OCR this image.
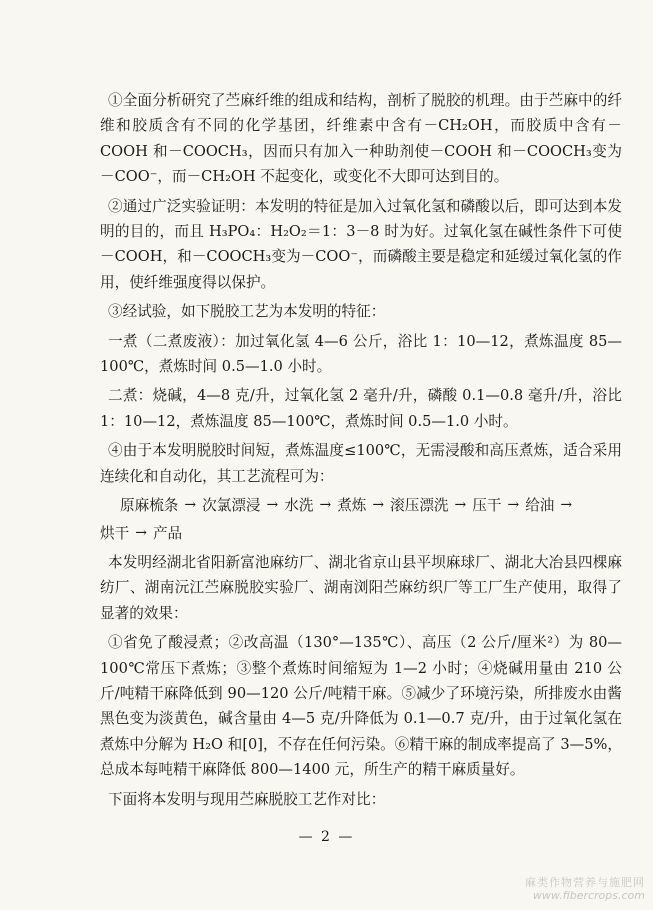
①全面分析研究了苎麻纤维的组成和结构，剖析了脱胶的机理。由于苎麻中的纤维和胶质含有不同的化学基团，纤维素中含有－CH₂OH，而胶质中含有－COOH 和－COOCH₃，因而只有加入一种助剂使－COOH 和－COOCH₃变为－COO⁻，而－CH₂OH 不起变化，或变化不大即可达到目的。

②通过广泛实验证明：本发明的特征是加入过氧化氢和磷酸以后，即可达到本发明的目的，而且 H₃PO₄：H₂O₂＝1：3－8 时为好。过氧化氢在碱性条件下可使－COOH，和－COOCH₃变为－COO⁻，而磷酸主要是稳定和延缓过氧化氢的作用，使纤维强度得以保护。

③经试验，如下脱胶工艺为本发明的特征：

一煮（二煮废液）：加过氧化氢 4—6 公斤，浴比 1：10—12，煮炼温度 85—100℃，煮炼时间 0.5—1.0 小时。

二煮：烧碱，4—8 克/升，过氧化氢 2 毫升/升，磷酸 0.1—0.8 毫升/升，浴比 1：10—12，煮炼温度 85—100℃，煮炼时间 0.5—1.0 小时。

④由于本发明脱胶时间短，煮炼温度≤100℃，无需浸酸和高压煮炼，适合采用连续化和自动化，其工艺流程可为：

原麻梳条 → 次氯漂浸 → 水洗 → 煮炼 → 滚压漂洗 → 压干 → 给油 →
烘干 → 产品

本发明经湖北省阳新富池麻纺厂、湖北省京山县平坝麻球厂、湖北大冶县四棵麻纺厂、湖南沅江苎麻脱胶实验厂、湖南浏阳苎麻纺织厂等工厂生产使用，取得了显著的效果：

①省免了酸浸煮；②改高温（130°—135℃）、高压（2 公斤/厘米²）为 80—100℃常压下煮炼；③整个煮炼时间缩短为 1—2 小时；④烧碱用量由 210 公斤/吨精干麻降低到 90—120 公斤/吨精干麻。⑤减少了环境污染，所排废水由酱黑色变为淡黄色，碱含量由 4—5 克/升降低为 0.1—0.7 克/升，由于过氧化氢在煮炼中分解为 H₂O 和[0]，不存在任何污染。⑥精干麻的制成率提高了 3—5%，总成本每吨精干麻降低 800—1400 元，所生产的精干麻质量好。

下面将本发明与现用苎麻脱胶工艺作对比：

— 2 —
麻类作物营养与施肥网
www.fibercrops.com
